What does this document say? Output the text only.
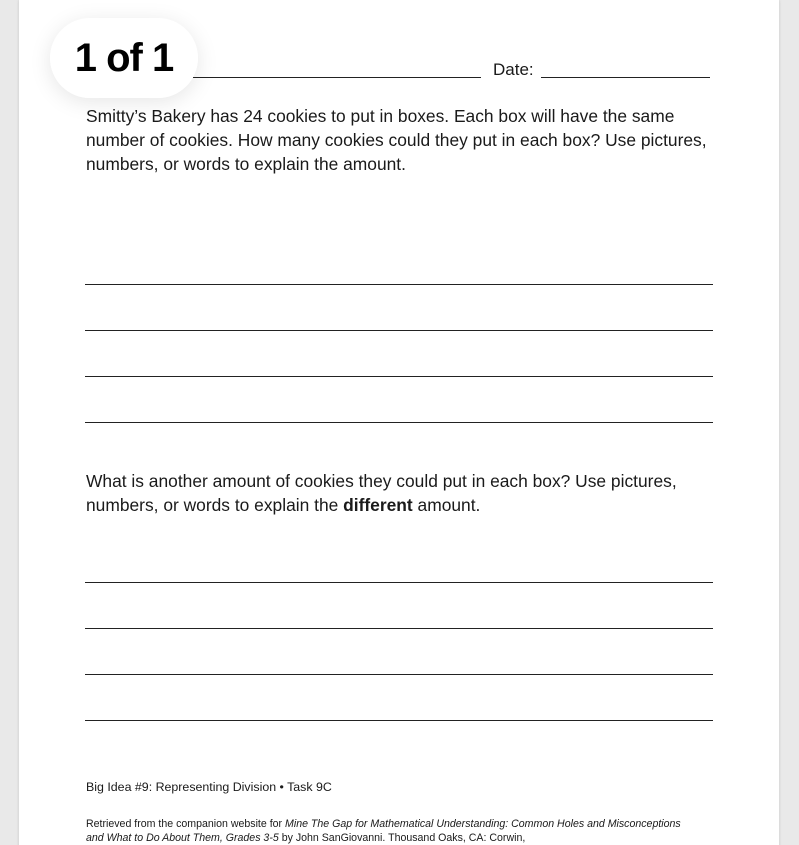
Date:
Smitty’s Bakery has 24 cookies to put in boxes. Each box will have the same number of cookies. How many cookies could they put in each box? Use pictures, numbers, or words to explain the amount.
What is another amount of cookies they could put in each box? Use pictures, numbers, or words to explain the different amount.
Big Idea #9: Representing Division • Task 9C
Retrieved from the companion website for Mine The Gap for Mathematical Understanding: Common Holes and Misconceptions and What to Do About Them, Grades 3-5 by John SanGiovanni. Thousand Oaks, CA: Corwin,
1 of 1
